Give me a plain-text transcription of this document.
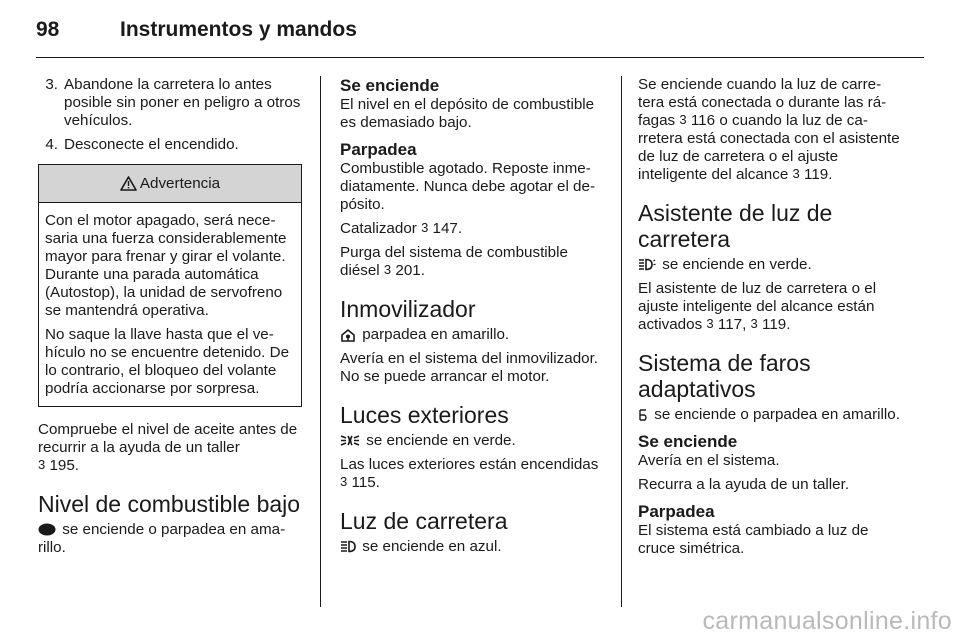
98	Instrumentos y mandos
3. Abandone la carretera lo antes posible sin poner en peligro a otros vehículos.
4. Desconecte el encendido.
Advertencia

Con el motor apagado, será necesaria una fuerza considerablemente mayor para frenar y girar el volante. Durante una parada automática (Autostop), la unidad de servofreno se mantendrá operativa.

No saque la llave hasta que el vehículo no se encuentre detenido. De lo contrario, el bloqueo del volante podría accionarse por sorpresa.

Compruebe el nivel de aceite antes de recurrir a la ayuda de un taller
3 195.

Nivel de combustible bajo

se enciende o parpadea en amarillo.

Se enciende

El nivel en el depósito de combustible es demasiado bajo.

Parpadea

Combustible agotado. Reposte inmediatamente. Nunca debe agotar el depósito.

Catalizador 3 147.

Purga del sistema de combustible diésel 3 201.

Inmovilizador

parpadea en amarillo.

Avería en el sistema del inmovilizador. No se puede arrancar el motor.

Luces exteriores

se enciende en verde.

Las luces exteriores están encendidas 3 115.

Luz de carretera

se enciende en azul.

Se enciende cuando la luz de carretera está conectada o durante las ráfagas 3 116 o cuando la luz de carretera está conectada con el asistente de luz de carretera o el ajuste inteligente del alcance 3 119.

Asistente de luz de carretera

se enciende en verde.

El asistente de luz de carretera o el ajuste inteligente del alcance están activados 3 117, 3 119.

Sistema de faros adaptativos

se enciende o parpadea en amarillo.

Se enciende

Avería en el sistema.

Recurra a la ayuda de un taller.

Parpadea

El sistema está cambiado a luz de cruce simétrica.

carmanualsonline.info
